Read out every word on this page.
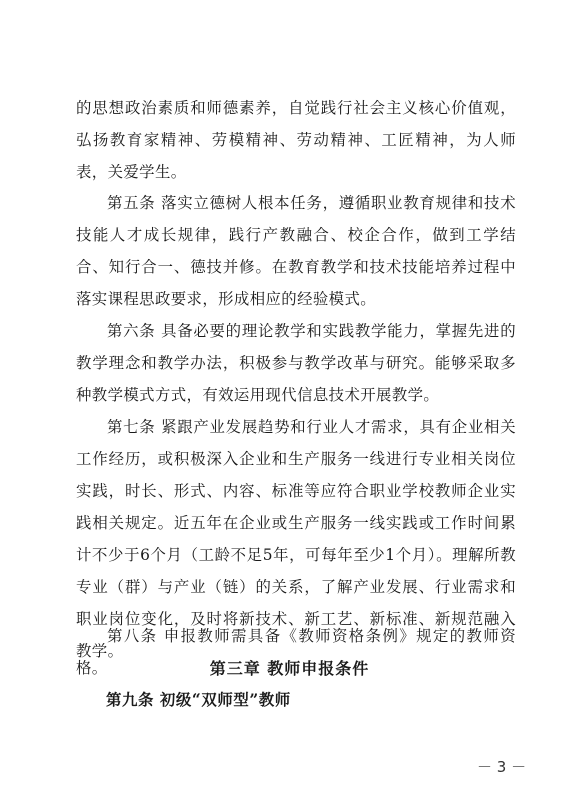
的思想政治素质和师德素养，自觉践行社会主义核心价值观，弘扬教育家精神、劳模精神、劳动精神、工匠精神，为人师表，关爱学生。

第五条 落实立德树人根本任务，遵循职业教育规律和技术技能人才成长规律，践行产教融合、校企合作，做到工学结合、知行合一、德技并修。在教育教学和技术技能培养过程中落实课程思政要求，形成相应的经验模式。

第六条 具备必要的理论教学和实践教学能力，掌握先进的教学理念和教学办法，积极参与教学改革与研究。能够采取多种教学模式方式，有效运用现代信息技术开展教学。

第七条 紧跟产业发展趋势和行业人才需求，具有企业相关工作经历，或积极深入企业和生产服务一线进行专业相关岗位实践，时长、形式、内容、标准等应符合职业学校教师企业实践相关规定。近五年在企业或生产服务一线实践或工作时间累计不少于6个月（工龄不足5年，可每年至少1个月）。理解所教专业（群）与产业（链）的关系，了解产业发展、行业需求和职业岗位变化，及时将新技术、新工艺、新标准、新规范融入教学。

第八条 申报教师需具备《教师资格条例》规定的教师资格。	第三章 教师申报条件
第九条 初级“双师型”教师
－ 3 －
